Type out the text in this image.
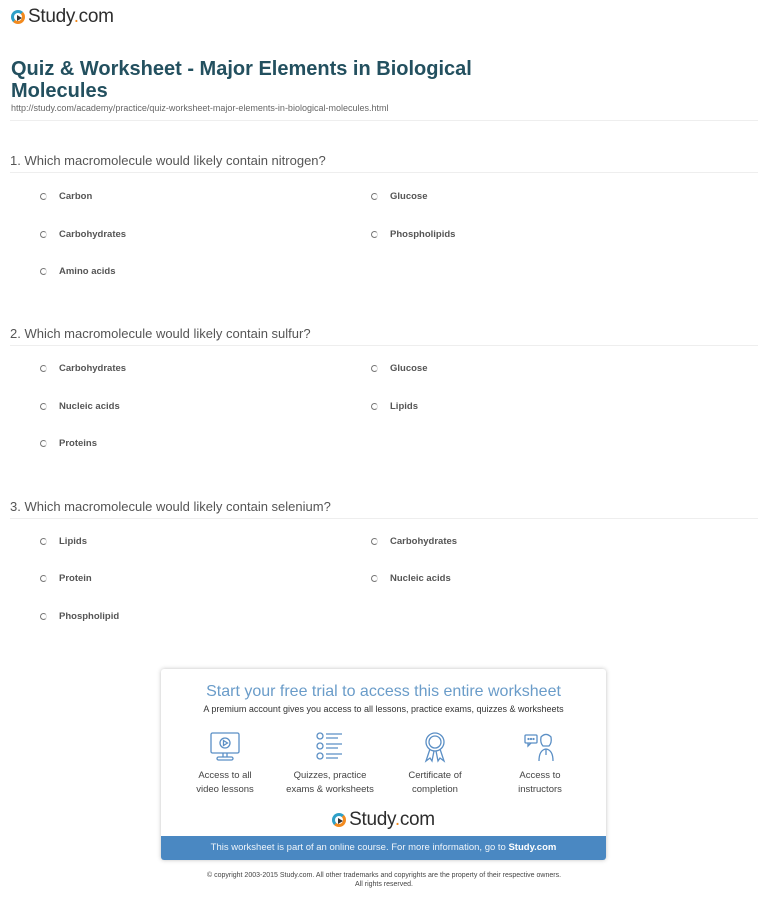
Study.com
Quiz & Worksheet - Major Elements in Biological Molecules
http://study.com/academy/practice/quiz-worksheet-major-elements-in-biological-molecules.html
1. Which macromolecule would likely contain nitrogen?
Carbon	Glucose
Carbohydrates	Phospholipids
Amino acids
2. Which macromolecule would likely contain sulfur?
Carbohydrates	Glucose
Nucleic acids	Lipids
Proteins
3. Which macromolecule would likely contain selenium?
Lipids	Carbohydrates
Protein	Nucleic acids
Phospholipid
Start your free trial to access this entire worksheet
A premium account gives you access to all lessons, practice exams, quizzes & worksheets
Access to all
video lessons
Quizzes, practice
exams & worksheets
Certificate of
completion
Access to
instructors
Study.com
This worksheet is part of an online course. For more information, go to Study.com
© copyright 2003-2015 Study.com. All other trademarks and copyrights are the property of their respective owners.
All rights reserved.
